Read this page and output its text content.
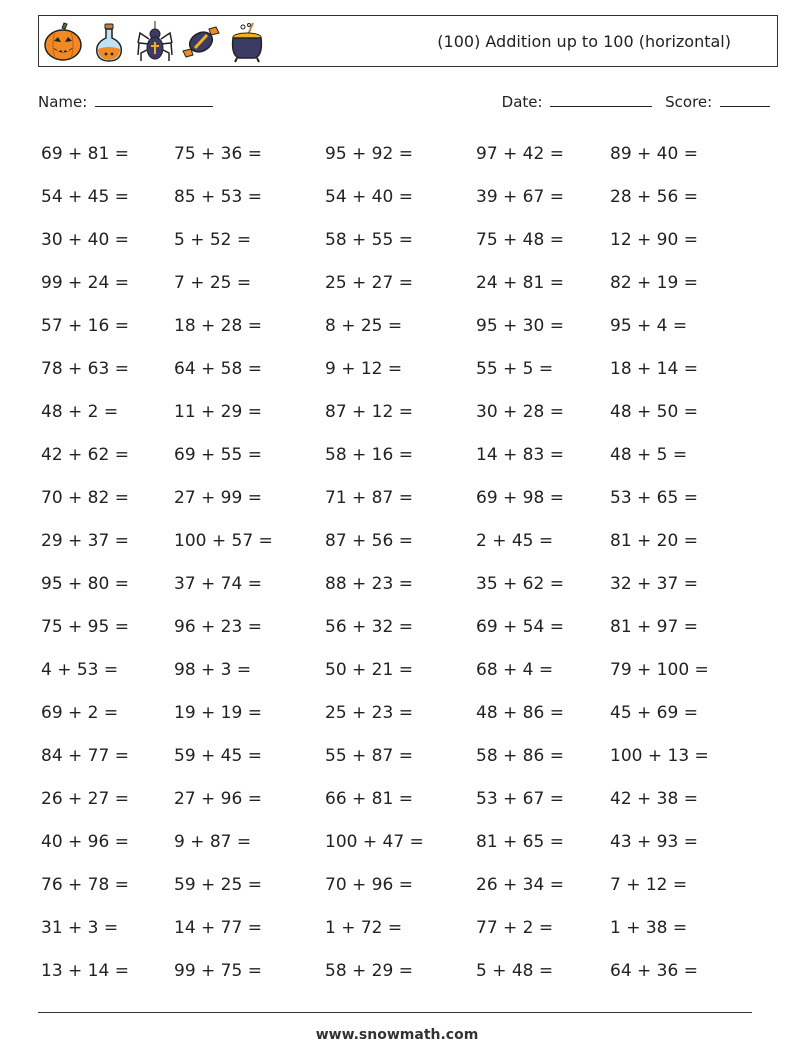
(100) Addition up to 100 (horizontal)
Name:	Date:	Score:
69 + 81 =	75 + 36 =	95 + 92 =	97 + 42 =	89 + 40 =
54 + 45 =	85 + 53 =	54 + 40 =	39 + 67 =	28 + 56 =
30 + 40 =	5 + 52 =	58 + 55 =	75 + 48 =	12 + 90 =
99 + 24 =	7 + 25 =	25 + 27 =	24 + 81 =	82 + 19 =
57 + 16 =	18 + 28 =	8 + 25 =	95 + 30 =	95 + 4 =
78 + 63 =	64 + 58 =	9 + 12 =	55 + 5 =	18 + 14 =
48 + 2 =	11 + 29 =	87 + 12 =	30 + 28 =	48 + 50 =
42 + 62 =	69 + 55 =	58 + 16 =	14 + 83 =	48 + 5 =
70 + 82 =	27 + 99 =	71 + 87 =	69 + 98 =	53 + 65 =
29 + 37 =	100 + 57 =	87 + 56 =	2 + 45 =	81 + 20 =
95 + 80 =	37 + 74 =	88 + 23 =	35 + 62 =	32 + 37 =
75 + 95 =	96 + 23 =	56 + 32 =	69 + 54 =	81 + 97 =
4 + 53 =	98 + 3 =	50 + 21 =	68 + 4 =	79 + 100 =
69 + 2 =	19 + 19 =	25 + 23 =	48 + 86 =	45 + 69 =
84 + 77 =	59 + 45 =	55 + 87 =	58 + 86 =	100 + 13 =
26 + 27 =	27 + 96 =	66 + 81 =	53 + 67 =	42 + 38 =
40 + 96 =	9 + 87 =	100 + 47 =	81 + 65 =	43 + 93 =
76 + 78 =	59 + 25 =	70 + 96 =	26 + 34 =	7 + 12 =
31 + 3 =	14 + 77 =	1 + 72 =	77 + 2 =	1 + 38 =
13 + 14 =	99 + 75 =	58 + 29 =	5 + 48 =	64 + 36 =
www.snowmath.com
